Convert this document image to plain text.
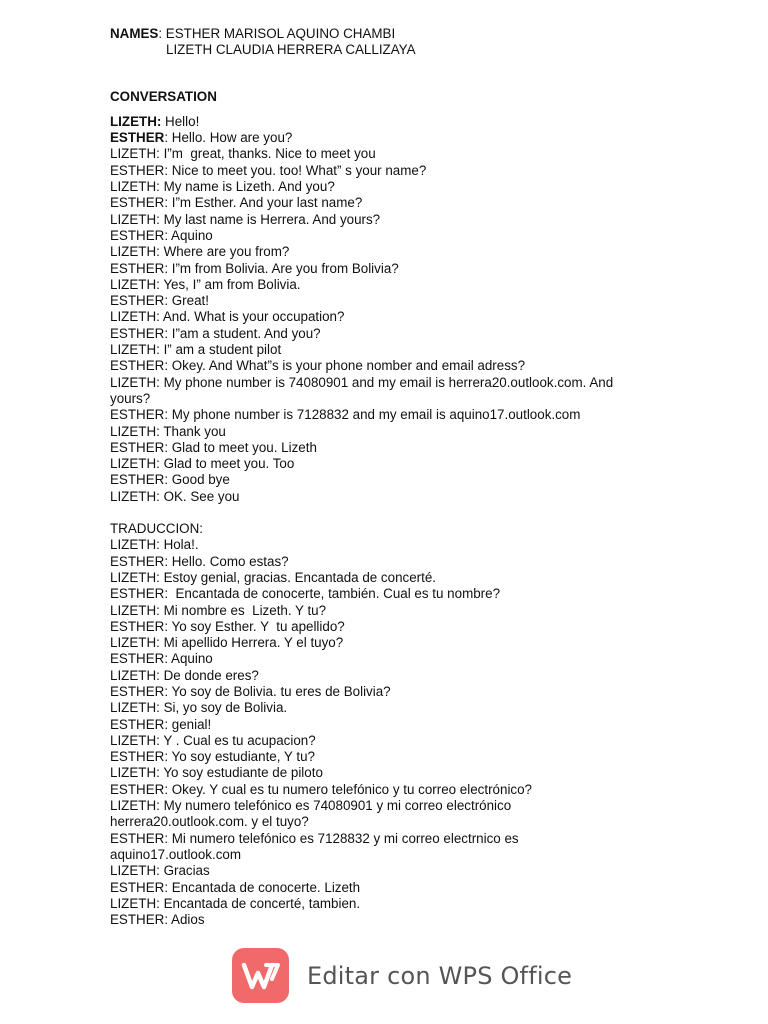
NAMES : ESTHER MARISOL AQUINO CHAMBI
LIZETH CLAUDIA HERRERA CALLIZAYA
CONVERSATION
LIZETH: Hello!
ESTHER: Hello. How are you?
LIZETH: I”m  great, thanks. Nice to meet you
ESTHER: Nice to meet you. too! What” s your name?
LIZETH: My name is Lizeth. And you?
ESTHER: I”m Esther. And your last name?
LIZETH: My last name is Herrera. And yours?
ESTHER: Aquino
LIZETH: Where are you from?
ESTHER: I”m from Bolivia. Are you from Bolivia?
LIZETH: Yes, I” am from Bolivia.
ESTHER: Great!
LIZETH: And. What is your occupation?
ESTHER: I”am a student. And you?
LIZETH: I” am a student pilot
ESTHER: Okey. And What”s is your phone nomber and email adress?
LIZETH: My phone number is 74080901 and my email is herrera20.outlook.com. And
yours?
ESTHER: My phone number is 7128832 and my email is aquino17.outlook.com
LIZETH: Thank you
ESTHER: Glad to meet you. Lizeth
LIZETH: Glad to meet you. Too
ESTHER: Good bye
LIZETH: OK. See you
TRADUCCION:
LIZETH: Hola!.
ESTHER: Hello. Como estas?
LIZETH: Estoy genial, gracias. Encantada de concerté.
ESTHER:  Encantada de conocerte, también. Cual es tu nombre?
LIZETH: Mi nombre es  Lizeth. Y tu?
ESTHER: Yo soy Esther. Y  tu apellido?
LIZETH: Mi apellido Herrera. Y el tuyo?
ESTHER: Aquino
LIZETH: De donde eres?
ESTHER: Yo soy de Bolivia. tu eres de Bolivia?
LIZETH: Si, yo soy de Bolivia.
ESTHER: genial!
LIZETH: Y . Cual es tu acupacion?
ESTHER: Yo soy estudiante, Y tu?
LIZETH: Yo soy estudiante de piloto
ESTHER: Okey. Y cual es tu numero telefónico y tu correo electrónico?
LIZETH: My numero telefónico es 74080901 y mi correo electrónico
herrera20.outlook.com. y el tuyo?
ESTHER: Mi numero telefónico es 7128832 y mi correo electrnico es
aquino17.outlook.com
LIZETH: Gracias
ESTHER: Encantada de conocerte. Lizeth
LIZETH: Encantada de concerté, tambien.
ESTHER: Adios
Editar con WPS Office
